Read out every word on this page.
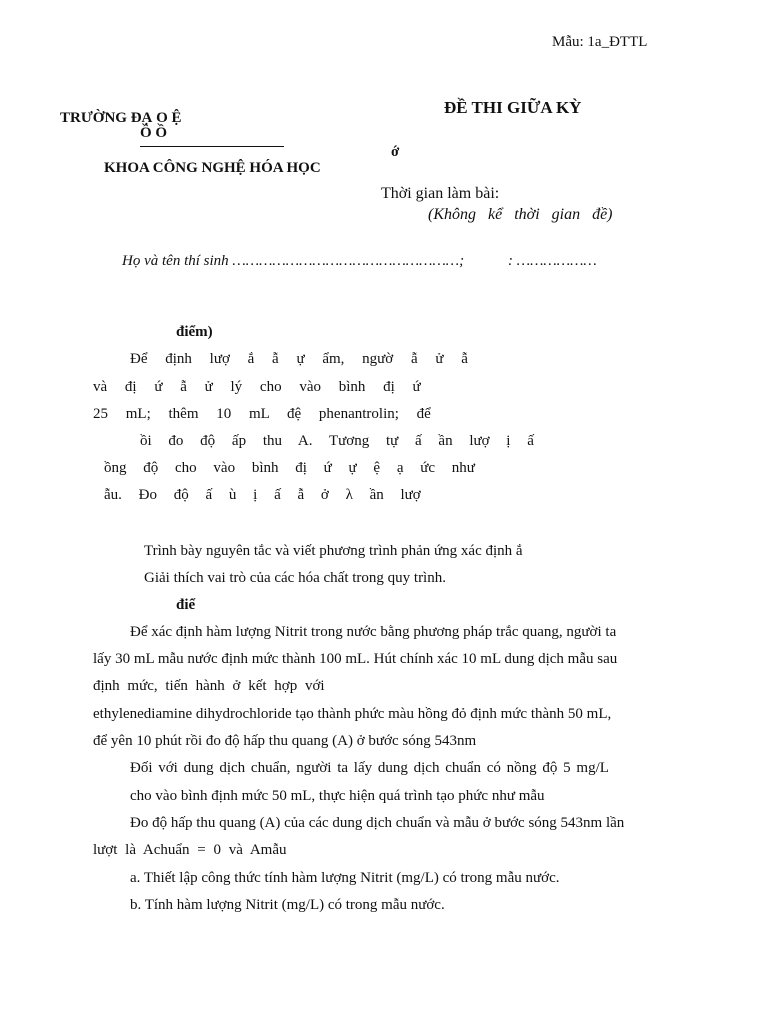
Mẫu: 1a_ĐTTL
TRƯỜNG ĐẠ O Ệ
Ồ Ồ
ĐỀ THI GIỮA KỲ
ớ
KHOA CÔNG NGHỆ HÓA HỌC
Thời gian làm bài:
(Không kể thời gian đề)
Họ và tên thí sinh ……………………………………………;	: ………………
điểm)
Để định lượ ắ ẫ ự ẩm, ngườ ẫ ử ẫ
và đị ứ ẫ ử lý cho vào bình đị ứ
25 mL; thêm 10 mL đệ phenantrolin; để
ồi đo độ ấp thu A. Tương tự ấ ần lượ ị ấ
ồng độ cho vào bình đị ứ ự ệ ạ ức như
ẫu. Đo độ ấ ù ị ấ ẫ ở λ ần lượ
Trình bày nguyên tắc và viết phương trình phản ứng xác định ắ
Giải thích vai trò của các hóa chất trong quy trình.
điể
Để xác định hàm lượng Nitrit trong nước bằng phương pháp trắc quang, người ta
lấy 30 mL mẫu nước định mức thành 100 mL. Hút chính xác 10 mL dung dịch mẫu sau
định mức, tiến hành ở kết hợp với
ethylenediamine dihydrochloride tạo thành phức màu hồng đỏ định mức thành 50 mL,
để yên 10 phút rồi đo độ hấp thu quang (A) ở bước sóng 543nm
Đối với dung dịch chuẩn, người ta lấy dung dịch chuẩn có nồng độ 5 mg/L
cho vào bình định mức 50 mL, thực hiện quá trình tạo phức như mẫu
Đo độ hấp thu quang (A) của các dung dịch chuẩn và mẫu ở bước sóng 543nm lần
lượt là Achuẩn = 0 và Amẫu
a. Thiết lập công thức tính hàm lượng Nitrit (mg/L) có trong mẫu nước.
b. Tính hàm lượng Nitrit (mg/L) có trong mẫu nước.
